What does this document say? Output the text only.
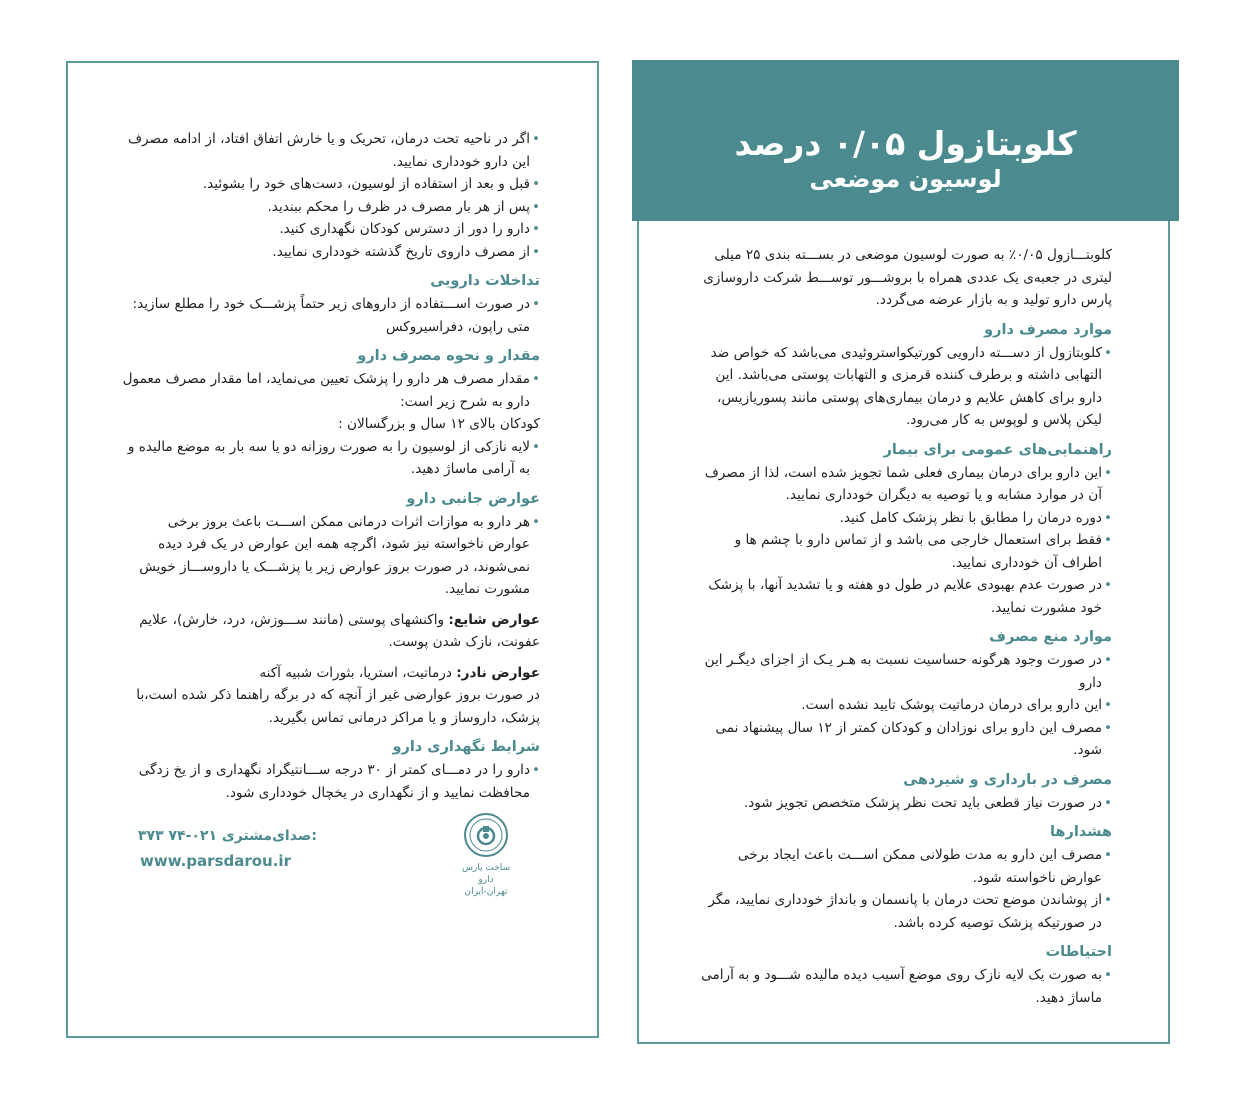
کلوبتازول ۰/۰۵ درصد
لوسیون موضعی

کلوبتـــازول ۰/۰۵٪ به صورت لوسیون موضعی در بســـته بندی ۲۵ میلی لیتری در جعبه‌ی یک عددی همراه با بروشـــور توســـط شرکت داروسازی پارس دارو تولید و به بازار عرضه می‌گردد.

موارد مصرف دارو
• کلوبتازول از دســـته دارویی کورتیکواستروئیدی می‌باشد که خواص ضد التهابی داشته و برطرف کننده قرمزی و التهابات پوستی می‌باشد. این دارو برای کاهش علایم و درمان بیماری‌های پوستی مانند پسوریازیس، لیکن پلاس و لوپوس به کار می‌رود.
راهنمایی‌های عمومی برای بیمار
• این دارو برای درمان بیماری فعلی شما تجویز شده است، لذا از مصرف آن در موارد مشابه و یا توصیه به دیگران خودداری نمایید.
• دوره درمان را مطابق با نظر پزشک کامل کنید.
• فقط برای استعمال خارجی می باشد و از تماس دارو با چشم ها و اطراف آن خودداری نمایید.
• در صورت عدم بهبودی علایم در طول دو هفته و یا تشدید آنها، با پزشک خود مشورت نمایید.
موارد منع مصرف
• در صورت وجود هرگونه حساسیت نسبت به هـر یـک از اجزای دیگـر این دارو
• این دارو برای درمان درماتیت پوشک تایید نشده است.
• مصرف این دارو برای نوزادان و کودکان کمتر از ۱۲ سال پیشنهاد نمی شود.
مصرف در بارداری و شیردهی
• در صورت نیاز قطعی باید تحت نظر پزشک متخصص تجویز شود.
هشدارها
• مصرف این دارو به مدت طولانی ممکن اســـت باعث ایجاد برخی عوارض ناخواسته شود.
• از پوشاندن موضع تحت درمان با پانسمان و بانداژ خودداری نمایید، مگر در صورتیکه پزشک توصیه کرده باشد.
احتیاطات
• به صورت یک لایه نازک روی موضع آسیب دیده مالیده شـــود و به آرامی ماساژ دهید.
• اگر در ناحیه تحت درمان، تحریک و یا خارش اتفاق افتاد، از ادامه مصرف این دارو خودداری نمایید.
• قبل و بعد از استفاده از لوسیون، دست‌های خود را بشوئید.
• پس از هر بار مصرف در ظرف را محکم ببندید.
• دارو را دور از دسترس کودکان نگهداری کنید.
• از مصرف داروی تاریخ گذشته خودداری نمایید.
تداخلات دارویی
• در صورت اســـتفاده از داروهای زیر حتماً پزشـــک خود را مطلع سازید: متی راپون، دفراسیروکس
مقدار و نحوه مصرف دارو
• مقدار مصرف هر دارو را پزشک تعیین می‌نماید، اما مقدار مصرف معمول دارو به شرح زیر است:

کودکان بالای ۱۲ سال و بزرگسالان :

• لایه نازکی از لوسیون را به صورت روزانه دو یا سه بار به موضع مالیده و به آرامی ماساژ دهید.
عوارض جانبی دارو
• هر دارو به موازات اثرات درمانی ممکن اســـت باعث بروز برخی عوارض ناخواسته نیز شود، اگرچه همه این عوارض در یک فرد دیده نمی‌شوند، در صورت بروز عوارض زیر با پزشـــک یا داروســـاز خویش مشورت نمایید.

عوارض شایع: واکنشهای پوستی (مانند ســـوزش، درد، خارش)، علایم عفونت، نازک شدن پوست.

عوارض نادر: درماتیت، استریا، بثورات شبیه آکنه

در صورت بروز عوارضی غیر از آنچه که در برگه راهنما ذکر شده است،با پزشک، داروساز و یا مراکز درمانی تماس بگیرید.

شرایط نگهداری دارو
• دارو را در دمـــای کمتر از ۳۰ درجه ســـانتیگراد نگهداری و از یخ زدگی محافظت نمایید و از نگهداری در یخچال خودداری شود.
۳۷۳ ۷۴-۰۲۱ صدای‌مشتری:
www.parsdarou.ir	ساخت پارس دارو
تهران-ایران
